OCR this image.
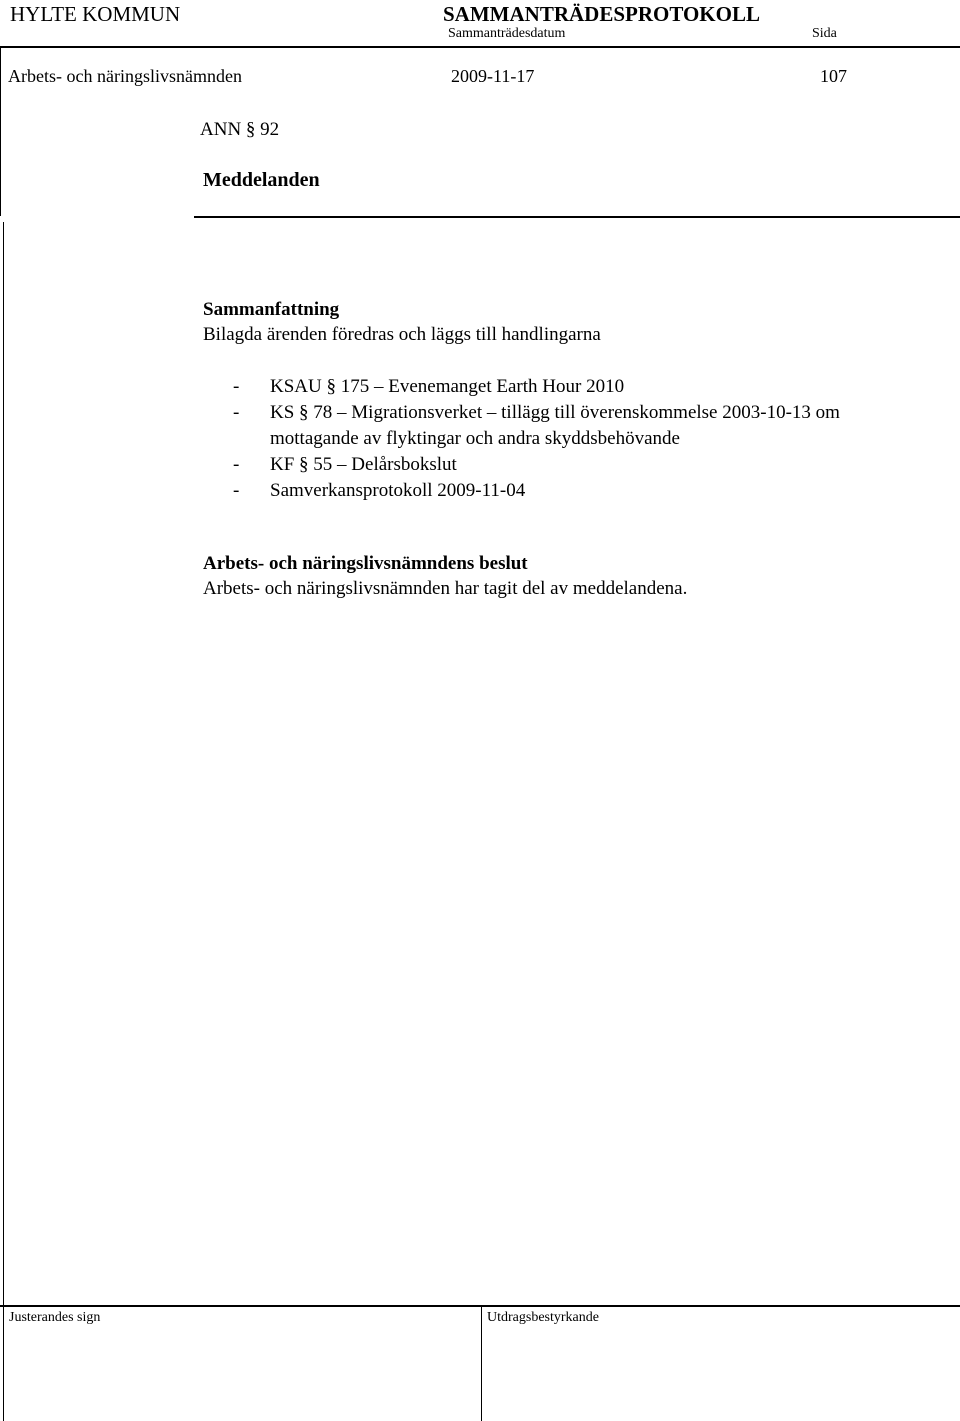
HYLTE KOMMUN	SAMMANTRÄDESPROTOKOLL
Sammanträdesdatum	Sida
Arbets- och näringslivsnämnden	2009-11-17	107
ANN § 92
Meddelanden
Sammanfattning
Bilagda ärenden föredras och läggs till handlingarna
- KSAU § 175 – Evenemanget Earth Hour 2010
- KS § 78 – Migrationsverket – tillägg till överenskommelse 2003-10-13 om
mottagande av flyktingar och andra skyddsbehövande
- KF § 55 – Delårsbokslut
- Samverkansprotokoll 2009-11-04
Arbets- och näringslivsnämndens beslut
Arbets- och näringslivsnämnden har tagit del av meddelandena.
Justerandes sign	Utdragsbestyrkande
